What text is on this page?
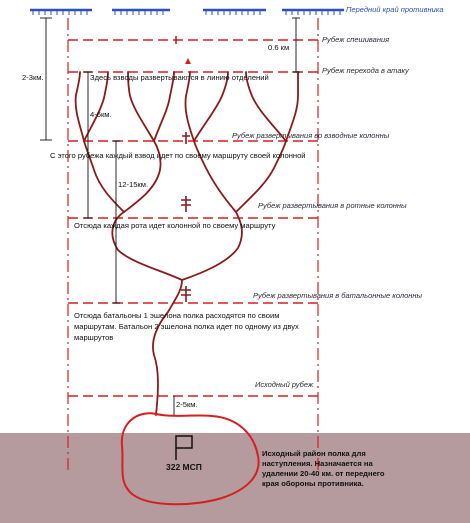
Передний край противника
Рубеж спешивания
Рубеж перехода в атаку
Рубеж развертывания во взводные колонны
Рубеж развертывания в ротные колонны
Рубеж развертывания в батальонные колонны
Исходный рубеж
0.6 км
2-3км.
4-6км.
12-15км.
2-5км.
Здесь взводы развертываются в линию отделений
С этого рубежа каждый взвод идет по своему маршруту своей колонной
Отсюда каждая рота идет колонной по своему маршруту
Отсюда батальоны 1 эшелона полка расходятся по своим
маршрутам. Батальон 2 эшелона полка идет по одному из двух
маршрутов
322 МСП
Исходный район полка для
наступления. Назначается на
удалении 20-40 км. от переднего
края обороны противника.
